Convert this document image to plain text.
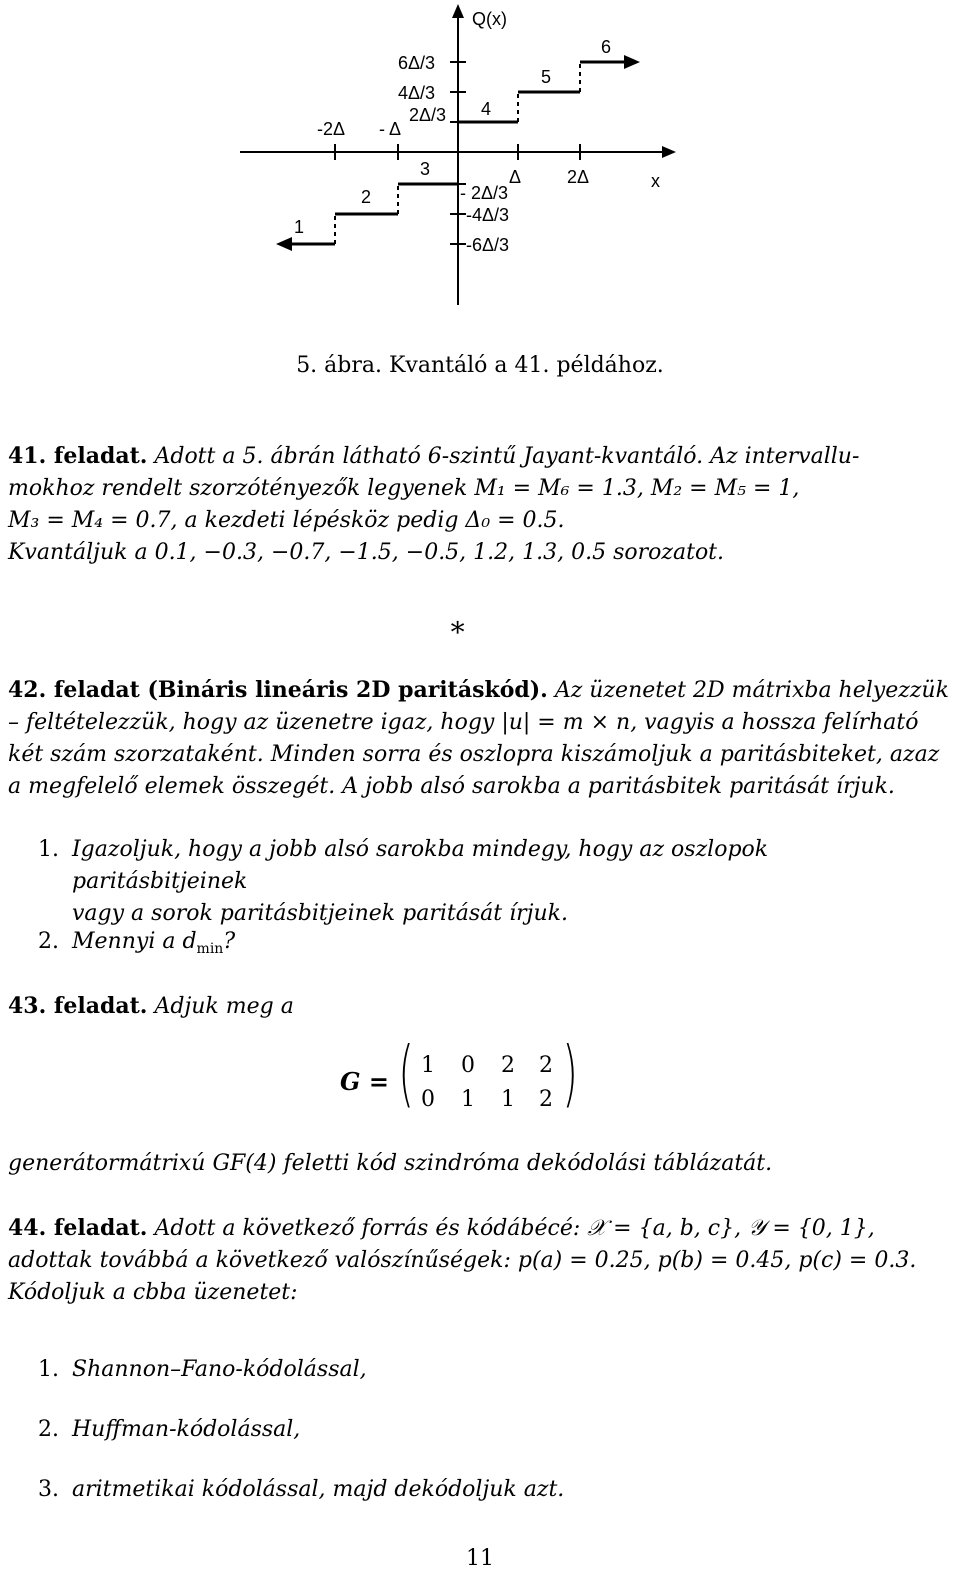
Q(x)
x
-2Δ - Δ
Δ	2Δ
6Δ/3
4Δ/3
2Δ/3
- 2Δ/3
-4Δ/3
-6Δ/3
1
2
3
4
5
6
5. ábra. Kvantáló a 41. példához.
41. feladat. Adott a 5. ábrán látható 6-szintű Jayant-kvantáló. Az intervallu-
mokhoz rendelt szorzótényezők legyenek M₁ = M₆ = 1.3, M₂ = M₅ = 1,
M₃ = M₄ = 0.7, a kezdeti lépésköz pedig Δ₀ = 0.5.
Kvantáljuk a 0.1, −0.3, −0.7, −1.5, −0.5, 1.2, 1.3, 0.5 sorozatot.
∗
42. feladat (Bináris lineáris 2D paritáskód). Az üzenetet 2D mátrixba helyezzük
– feltételezzük, hogy az üzenetre igaz, hogy |u| = m × n, vagyis a hossza felírható
két szám szorzataként. Minden sorra és oszlopra kiszámoljuk a paritásbiteket, azaz
a megfelelő elemek összegét. A jobb alsó sarokba a paritásbitek paritását írjuk.
1. Igazoljuk, hogy a jobb alsó sarokba mindegy, hogy az oszlopok paritásbitjeinek
vagy a sorok paritásbitjeinek paritását írjuk.
2. Mennyi a $d_{min}$?
43. feladat. Adjuk meg a
G = ( 1 0 2 2
0 1 1 2 )
generátormátrixú GF(4) feletti kód szindróma dekódolási táblázatát.
44. feladat. Adott a következő forrás és kódábécé: 𝒳 = {a, b, c}, 𝒴 = {0, 1},
adottak továbbá a következő valószínűségek: p(a) = 0.25, p(b) = 0.45, p(c) = 0.3.
Kódoljuk a cbba üzenetet:
1. Shannon–Fano-kódolással,
2. Huffman-kódolással,
3. aritmetikai kódolással, majd dekódoljuk azt.
11
